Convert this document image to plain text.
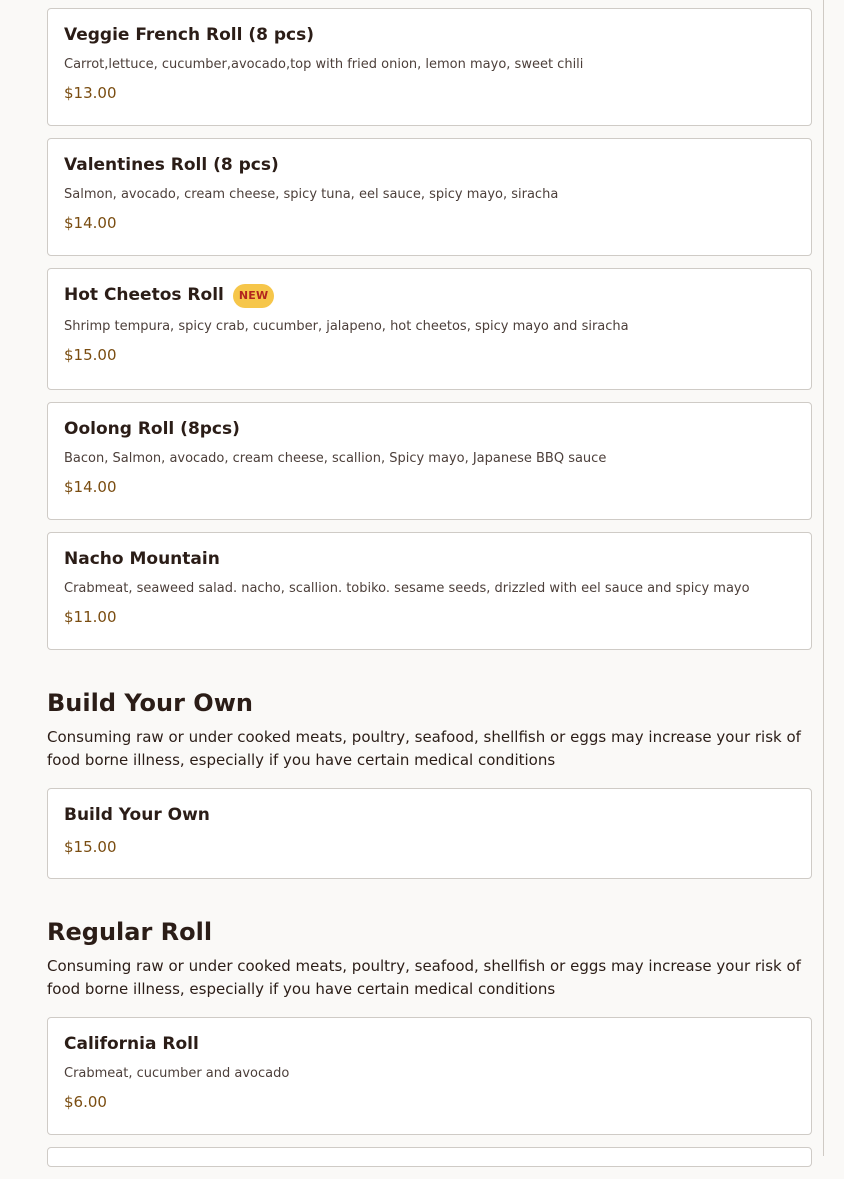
Veggie French Roll (8 pcs)
Carrot,lettuce, cucumber,avocado,top with fried onion, lemon mayo, sweet chili
$13.00
Valentines Roll (8 pcs)
Salmon, avocado, cream cheese, spicy tuna, eel sauce, spicy mayo, siracha
$14.00
Hot Cheetos Roll	NEW
Shrimp tempura, spicy crab, cucumber, jalapeno, hot cheetos, spicy mayo and siracha
$15.00
Oolong Roll (8pcs)
Bacon, Salmon, avocado, cream cheese, scallion, Spicy mayo, Japanese BBQ sauce
$14.00
Nacho Mountain
Crabmeat, seaweed salad. nacho, scallion. tobiko. sesame seeds, drizzled with eel sauce and spicy mayo
$11.00
Build Your Own
Consuming raw or under cooked meats, poultry, seafood, shellfish or eggs may increase your risk of food borne illness, especially if you have certain medical conditions
Build Your Own
$15.00
Regular Roll
Consuming raw or under cooked meats, poultry, seafood, shellfish or eggs may increase your risk of food borne illness, especially if you have certain medical conditions
California Roll
Crabmeat, cucumber and avocado
$6.00
